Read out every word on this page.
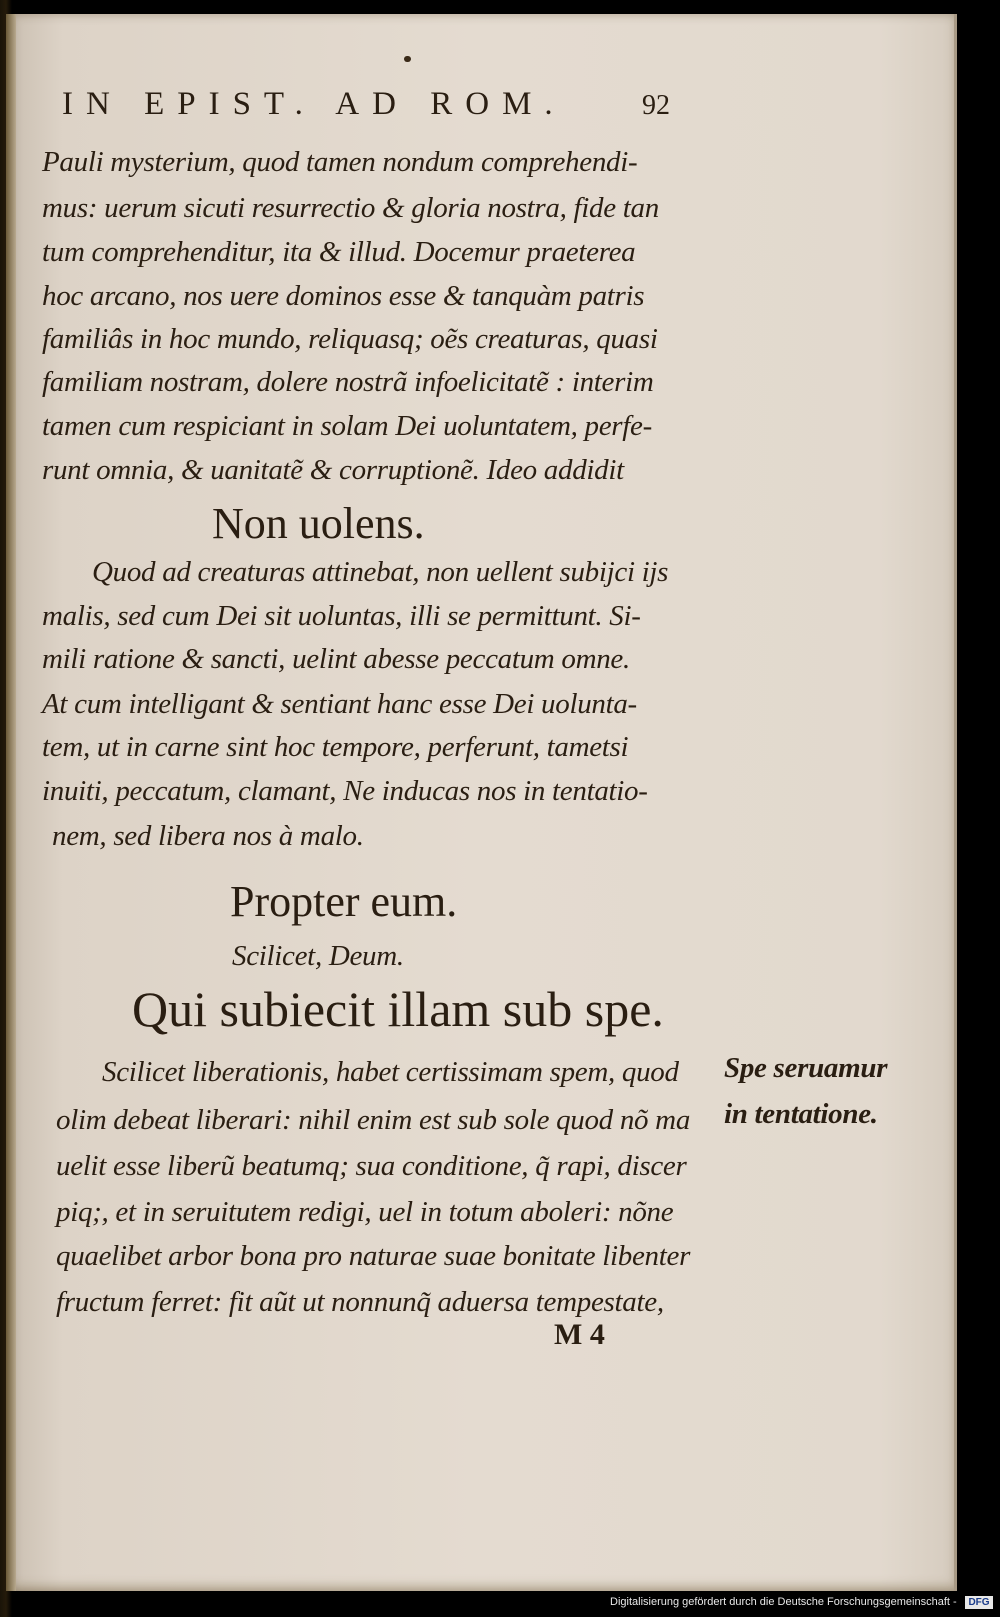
IN EPIST. AD ROM.	92
Pauli mysterium, quod tamen nondum comprehendi-
mus: uerum sicuti resurrectio & gloria nostra, fide tan
tum comprehenditur, ita & illud. Docemur praeterea
hoc arcano, nos uere dominos esse & tanquàm patris
familiâs in hoc mundo, reliquasq; oẽs creaturas, quasi
familiam nostram, dolere nostrã infoelicitatẽ : interim
tamen cum respiciant in solam Dei uoluntatem, perfe-
runt omnia, & uanitatẽ & corruptionẽ. Ideo addidit
Non uolens.
Quod ad creaturas attinebat, non uellent subijci ijs
malis, sed cum Dei sit uoluntas, illi se permittunt. Si-
mili ratione & sancti, uelint abesse peccatum omne.
At cum intelligant & sentiant hanc esse Dei uolunta-
tem, ut in carne sint hoc tempore, perferunt, tametsi
inuiti, peccatum, clamant, Ne inducas nos in tentatio-
nem, sed libera nos à malo.
Propter eum.
Scilicet, Deum.
Qui subiecit illam sub spe.
Scilicet liberationis, habet certissimam spem, quod
olim debeat liberari: nihil enim est sub sole quod nõ ma
uelit esse liberũ beatumq; sua conditione, q̃ rapi, discer
piq;, et in seruitutem redigi, uel in totum aboleri: nõne
quaelibet arbor bona pro naturae suae bonitate libenter
fructum ferret: fit aũt ut nonnunq̃ aduersa tempestate,
Spe seruamur
in tentatione.
M 4
Digitalisierung gefördert durch die Deutsche Forschungsgemeinschaft -	DFG
